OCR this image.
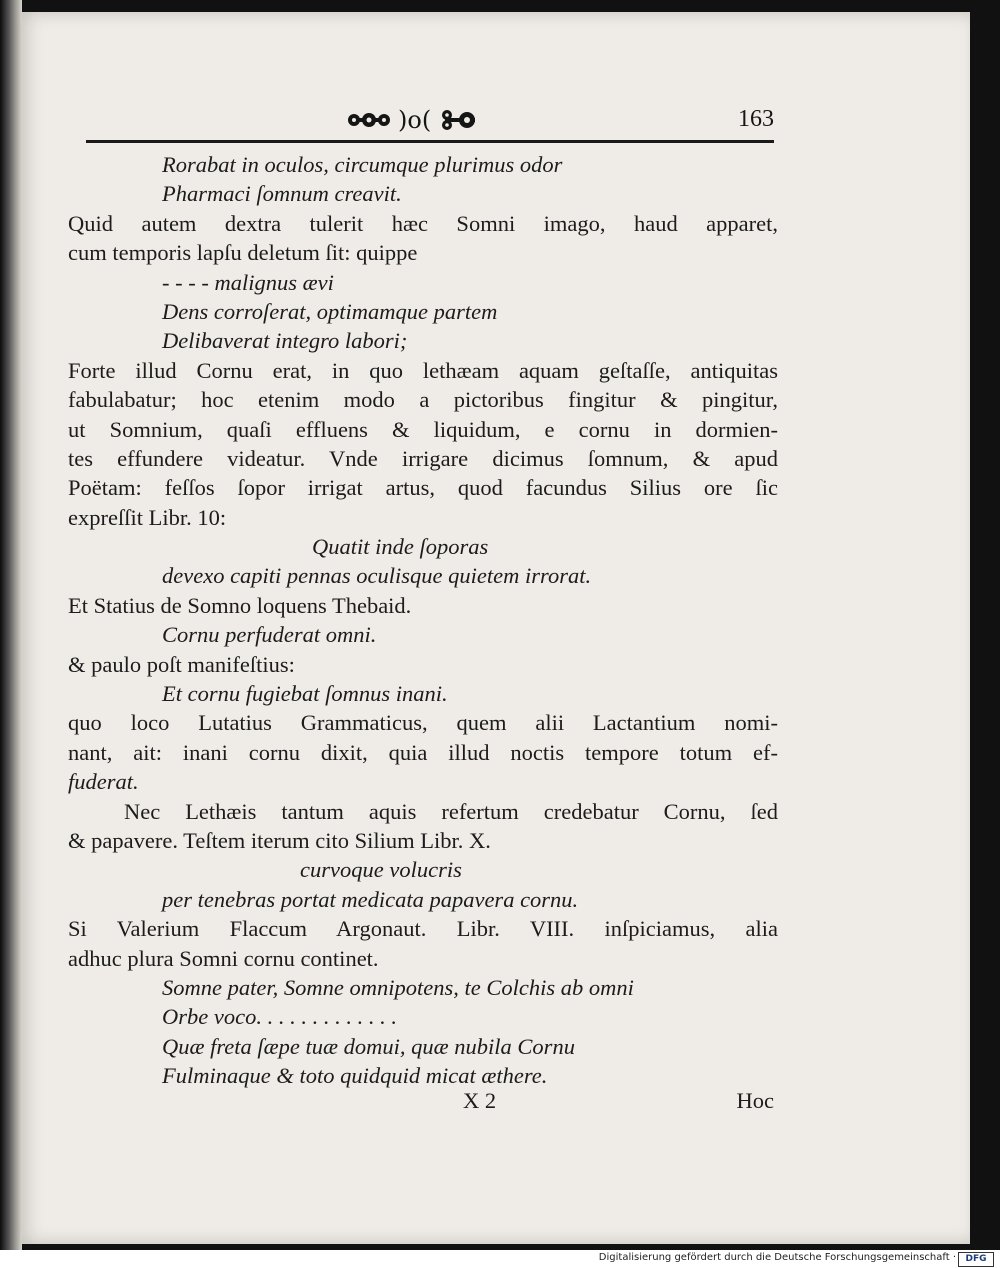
)o(	163
Rorabat in oculos, circumque plurimus odor
Pharmaci ſomnum creavit.
Quid autem dextra tulerit hæc Somni imago, haud apparet,
cum temporis lapſu deletum ſit: quippe
- - - - malignus ævi
Dens corroſerat, optimamque partem
Delibaverat integro labori;
Forte illud Cornu erat, in quo lethæam aquam geſtaſſe, antiquitas
fabulabatur; hoc etenim modo a pictoribus fingitur & pingitur,
ut Somnium, quaſi effluens & liquidum, e cornu in dormien-
tes effundere videatur. Vnde irrigare dicimus ſomnum, & apud
Poëtam: feſſos ſopor irrigat artus, quod facundus Silius ore ſic
expreſſit Libr. 10:
Quatit inde ſoporas
devexo capiti pennas oculisque quietem irrorat.
Et Statius de Somno loquens Thebaid.
Cornu perfuderat omni.
& paulo poſt manifeſtius:
Et cornu fugiebat ſomnus inani.
quo loco Lutatius Grammaticus, quem alii Lactantium nomi-
nant, ait: inani cornu dixit, quia illud noctis tempore totum ef-
fuderat.
Nec Lethæis tantum aquis refertum credebatur Cornu, ſed
& papavere. Teſtem iterum cito Silium Libr. X.
curvoque volucris
per tenebras portat medicata papavera cornu.
Si Valerium Flaccum Argonaut. Libr. VIII. inſpiciamus, alia
adhuc plura Somni cornu continet.
Somne pater, Somne omnipotens, te Colchis ab omni
Orbe voco. . . . . . . . . . . . .
Quæ freta ſæpe tuæ domui, quæ nubila Cornu
Fulminaque & toto quidquid micat æthere.
X 2	Hoc
Digitalisierung gefördert durch die Deutsche Forschungsgemeinschaft ·	DFG
